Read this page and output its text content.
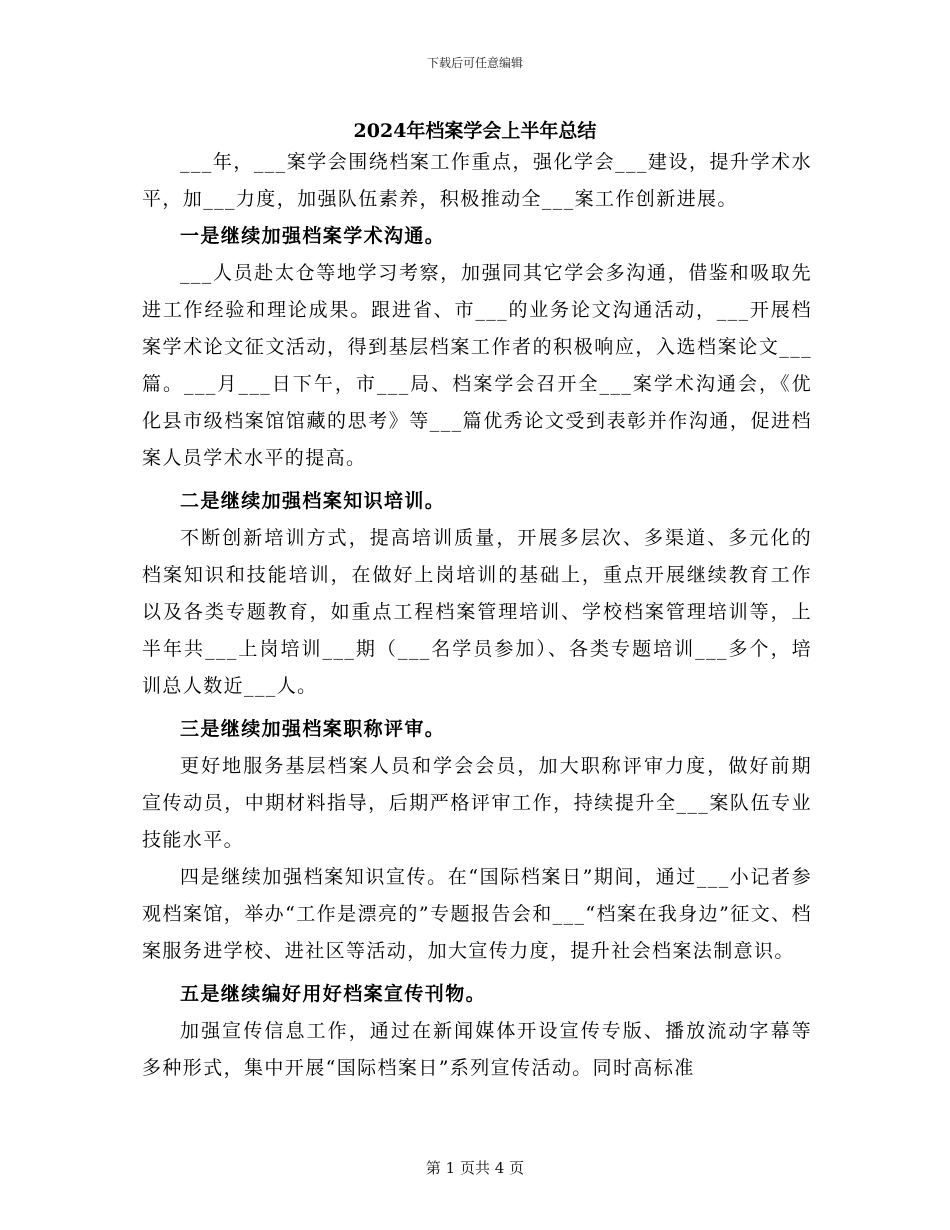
下载后可任意编辑
2024年档案学会上半年总结

___年，___案学会围绕档案工作重点，强化学会___建设，提升学术水平，加___力度，加强队伍素养，积极推动全___案工作创新进展。

一是继续加强档案学术沟通。

___人员赴太仓等地学习考察，加强同其它学会多沟通，借鉴和吸取先进工作经验和理论成果。跟进省、市___的业务论文沟通活动，___开展档案学术论文征文活动，得到基层档案工作者的积极响应，入选档案论文___篇。___月___日下午，市___局、档案学会召开全___案学术沟通会，《优化县市级档案馆馆藏的思考》等___篇优秀论文受到表彰并作沟通，促进档案人员学术水平的提高。

二是继续加强档案知识培训。

不断创新培训方式，提高培训质量，开展多层次、多渠道、多元化的档案知识和技能培训，在做好上岗培训的基础上，重点开展继续教育工作以及各类专题教育，如重点工程档案管理培训、学校档案管理培训等，上半年共___上岗培训___期（___名学员参加）、各类专题培训___多个，培训总人数近___人。

三是继续加强档案职称评审。

更好地服务基层档案人员和学会会员，加大职称评审力度，做好前期宣传动员，中期材料指导，后期严格评审工作，持续提升全___案队伍专业技能水平。

四是继续加强档案知识宣传。在“国际档案日”期间，通过___小记者参观档案馆，举办“工作是漂亮的”专题报告会和___“档案在我身边”征文、档案服务进学校、进社区等活动，加大宣传力度，提升社会档案法制意识。

五是继续编好用好档案宣传刊物。

加强宣传信息工作，通过在新闻媒体开设宣传专版、播放流动字幕等多种形式，集中开展“国际档案日”系列宣传活动。同时高标准

第 1 页共 4 页
